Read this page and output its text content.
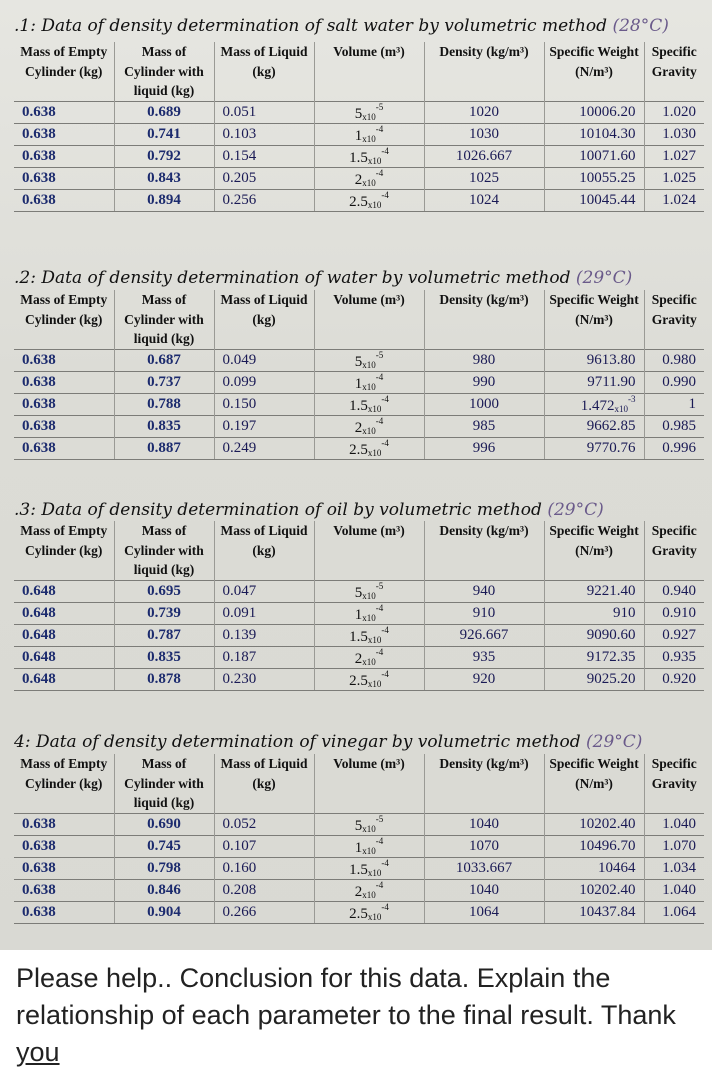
.1: Data of density determination of salt water by volumetric method (28°C)
Mass of Empty Cylinder (kg)	Mass of Cylinder with liquid (kg)	Mass of Liquid (kg)	Volume (m³)	Density (kg/m³)	Specific Weight (N/m³)	Specific Gravity
0.638	0.689	0.051	$5_{x10}^{-5}$	1020	10006.20	1.020
0.638	0.741	0.103	$1_{x10}^{-4}$	1030	10104.30	1.030
0.638	0.792	0.154	$1.5_{x10}^{-4}$	1026.667	10071.60	1.027
0.638	0.843	0.205	$2_{x10}^{-4}$	1025	10055.25	1.025
0.638	0.894	0.256	$2.5_{x10}^{-4}$	1024	10045.44	1.024
.2: Data of density determination of water by volumetric method (29°C)
Mass of Empty Cylinder (kg)	Mass of Cylinder with liquid (kg)	Mass of Liquid (kg)	Volume (m³)	Density (kg/m³)	Specific Weight (N/m³)	Specific Gravity
0.638	0.687	0.049	$5_{x10}^{-5}$	980	9613.80	0.980
0.638	0.737	0.099	$1_{x10}^{-4}$	990	9711.90	0.990
0.638	0.788	0.150	$1.5_{x10}^{-4}$	1000	$1.472_{x10}^{-3}$	1
0.638	0.835	0.197	$2_{x10}^{-4}$	985	9662.85	0.985
0.638	0.887	0.249	$2.5_{x10}^{-4}$	996	9770.76	0.996
.3: Data of density determination of oil by volumetric method (29°C)
Mass of Empty Cylinder (kg)	Mass of Cylinder with liquid (kg)	Mass of Liquid (kg)	Volume (m³)	Density (kg/m³)	Specific Weight (N/m³)	Specific Gravity
0.648	0.695	0.047	$5_{x10}^{-5}$	940	9221.40	0.940
0.648	0.739	0.091	$1_{x10}^{-4}$	910	910	0.910
0.648	0.787	0.139	$1.5_{x10}^{-4}$	926.667	9090.60	0.927
0.648	0.835	0.187	$2_{x10}^{-4}$	935	9172.35	0.935
0.648	0.878	0.230	$2.5_{x10}^{-4}$	920	9025.20	0.920
4: Data of density determination of vinegar by volumetric method (29°C)
Mass of Empty Cylinder (kg)	Mass of Cylinder with liquid (kg)	Mass of Liquid (kg)	Volume (m³)	Density (kg/m³)	Specific Weight (N/m³)	Specific Gravity
0.638	0.690	0.052	$5_{x10}^{-5}$	1040	10202.40	1.040
0.638	0.745	0.107	$1_{x10}^{-4}$	1070	10496.70	1.070
0.638	0.798	0.160	$1.5_{x10}^{-4}$	1033.667	10464	1.034
0.638	0.846	0.208	$2_{x10}^{-4}$	1040	10202.40	1.040
0.638	0.904	0.266	$2.5_{x10}^{-4}$	1064	10437.84	1.064
Please help.. Conclusion for this data. Explain the relationship of each parameter to the final result. Thank you
